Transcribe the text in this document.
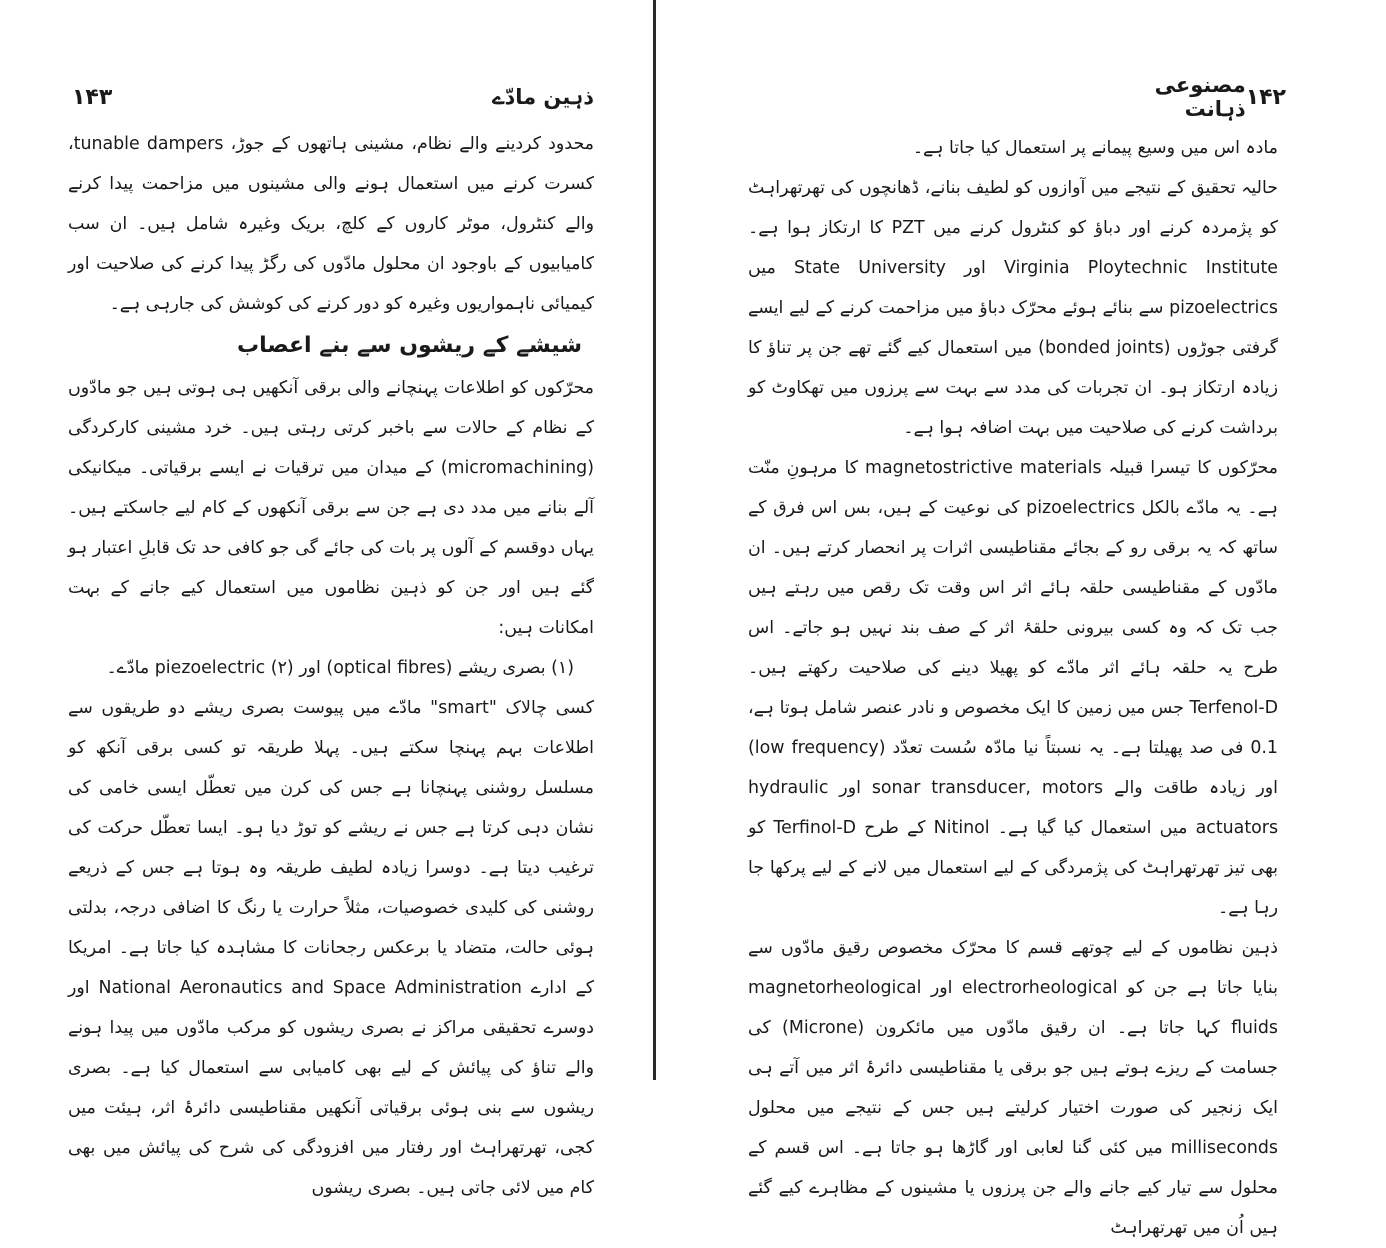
ذہین مادّے
۱۴۳

محدود کردینے والے نظام، مشینی ہاتھوں کے جوڑ، tunable dampers، کسرت کرنے میں استعمال ہونے والی مشینوں میں مزاحمت پیدا کرنے والے کنٹرول، موٹر کاروں کے کلچ، بریک وغیرہ شامل ہیں۔ ان سب کامیابیوں کے باوجود ان محلول مادّوں کی رگڑ پیدا کرنے کی صلاحیت اور کیمیائی ناہمواریوں وغیرہ کو دور کرنے کی کوشش کی جارہی ہے۔

شیشے کے ریشوں سے بنے اعصاب

محرّکوں کو اطلاعات پہنچانے والی برقی آنکھیں ہی ہوتی ہیں جو مادّوں کے نظام کے حالات سے باخبر کرتی رہتی ہیں۔ خرد مشینی کارکردگی (micromachining) کے میدان میں ترقیات نے ایسے برقیاتی۔ میکانیکی آلے بنانے میں مدد دی ہے جن سے برقی آنکھوں کے کام لیے جاسکتے ہیں۔ یہاں دوقسم کے آلوں پر بات کی جائے گی جو کافی حد تک قابلِ اعتبار ہو گئے ہیں اور جن کو ذہین نظاموں میں استعمال کیے جانے کے بہت امکانات ہیں:

(۱) بصری ریشے (optical fibres) اور (۲) piezoelectric مادّے۔

کسی چالاک "smart" مادّے میں پیوست بصری ریشے دو طریقوں سے اطلاعات بہم پہنچا سکتے ہیں۔ پہلا طریقہ تو کسی برقی آنکھ کو مسلسل روشنی پہنچانا ہے جس کی کرن میں تعطّل ایسی خامی کی نشان دہی کرتا ہے جس نے ریشے کو توڑ دیا ہو۔ ایسا تعطّل حرکت کی ترغیب دیتا ہے۔ دوسرا زیادہ لطیف طریقہ وہ ہوتا ہے جس کے ذریعے روشنی کی کلیدی خصوصیات، مثلاً حرارت یا رنگ کا اضافی درجہ، بدلتی ہوئی حالت، متضاد یا برعکس رجحانات کا مشاہدہ کیا جاتا ہے۔ امریکا کے ادارے National Aeronautics and Space Administration اور دوسرے تحقیقی مراکز نے بصری ریشوں کو مرکب مادّوں میں پیدا ہونے والے تناؤ کی پیائش کے لیے بھی کامیابی سے استعمال کیا ہے۔ بصری ریشوں سے بنی ہوئی برقیاتی آنکھیں مقناطیسی دائرۂ اثر، ہیئت میں کجی، تھرتھراہٹ اور رفتار میں افزودگی کی شرح کی پیائش میں بھی کام میں لائی جاتی ہیں۔ بصری ریشوں

۱۴۲
مصنوعی ذہانت

مادہ اس میں وسیع پیمانے پر استعمال کیا جاتا ہے۔

حالیہ تحقیق کے نتیجے میں آوازوں کو لطیف بنانے، ڈھانچوں کی تھرتھراہٹ کو پژمردہ کرنے اور دباؤ کو کنٹرول کرنے میں PZT کا ارتکاز ہوا ہے۔ Virginia Ploytechnic Institute اور State University میں pizoelectrics سے بنائے ہوئے محرّک دباؤ میں مزاحمت کرنے کے لیے ایسے گرفتی جوڑوں (bonded joints) میں استعمال کیے گئے تھے جن پر تناؤ کا زیادہ ارتکاز ہو۔ ان تجربات کی مدد سے بہت سے پرزوں میں تھکاوٹ کو برداشت کرنے کی صلاحیت میں بہت اضافہ ہوا ہے۔

محرّکوں کا تیسرا قبیلہ magnetostrictive materials کا مرہونِ منّت ہے۔ یہ مادّے بالکل pizoelectrics کی نوعیت کے ہیں، بس اس فرق کے ساتھ کہ یہ برقی رو کے بجائے مقناطیسی اثرات پر انحصار کرتے ہیں۔ ان مادّوں کے مقناطیسی حلقہ ہائے اثر اس وقت تک رقص میں رہتے ہیں جب تک کہ وہ کسی بیرونی حلقۂ اثر کے صف بند نہیں ہو جاتے۔ اس طرح یہ حلقہ ہائے اثر مادّے کو پھیلا دینے کی صلاحیت رکھتے ہیں۔ Terfenol-D جس میں زمین کا ایک مخصوص و نادر عنصر شامل ہوتا ہے، 0.1 فی صد پھیلتا ہے۔ یہ نسبتاً نیا مادّہ سُست تعدّد (low frequency) اور زیادہ طاقت والے sonar transducer, motors اور hydraulic actuators میں استعمال کیا گیا ہے۔ Nitinol کے طرح Terfinol-D کو بھی تیز تھرتھراہٹ کی پژمردگی کے لیے استعمال میں لانے کے لیے پرکھا جا رہا ہے۔

ذہین نظاموں کے لیے چوتھے قسم کا محرّک مخصوص رقیق مادّوں سے بنایا جاتا ہے جن کو electrorheological اور magnetorheological fluids کہا جاتا ہے۔ ان رقیق مادّوں میں مائکرون (Microne) کی جسامت کے ریزے ہوتے ہیں جو برقی یا مقناطیسی دائرۂ اثر میں آتے ہی ایک زنجیر کی صورت اختیار کرلیتے ہیں جس کے نتیجے میں محلول milliseconds میں کئی گنا لعابی اور گاڑھا ہو جاتا ہے۔ اس قسم کے محلول سے تیار کیے جانے والے جن پرزوں یا مشینوں کے مظاہرے کیے گئے ہیں اُن میں تھرتھراہٹ
